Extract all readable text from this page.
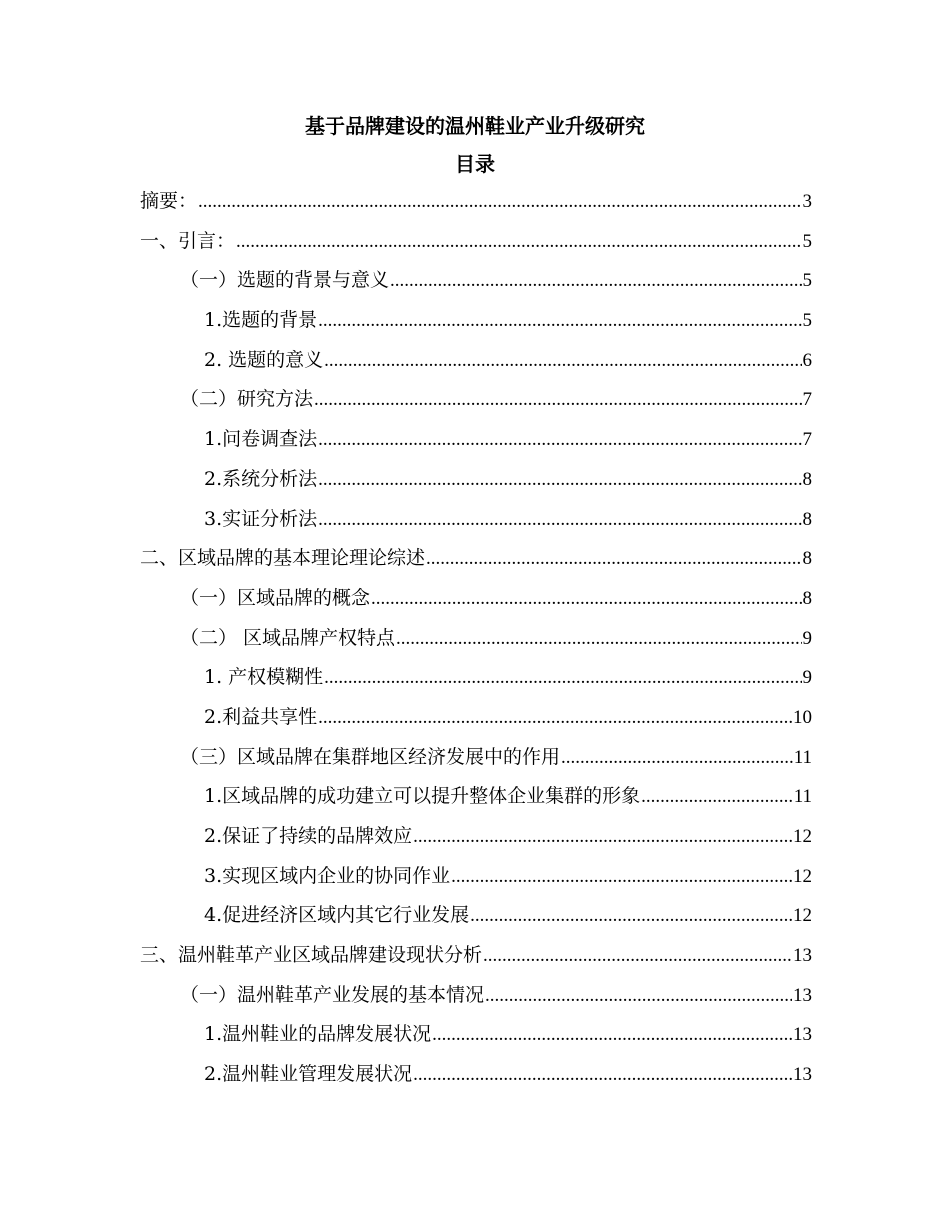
基于品牌建设的温州鞋业产业升级研究
目录
摘要： .....	3
一、引言： .....	5
（一）选题的背景与意义 .....	5
1.选题的背景 .....	5
2. 选题的意义 .....	6
（二）研究方法 .....	7
1.问卷调查法 .....	7
2.系统分析法 .....	8
3.实证分析法 .....	8
二、区域品牌的基本理论理论综述 .....	8
（一）区域品牌的概念 .....	8
（二） 区域品牌产权特点 .....	9
1. 产权模糊性 .....	9
2.利益共享性 .....	10
（三）区域品牌在集群地区经济发展中的作用 .....	11
1.区域品牌的成功建立可以提升整体企业集群的形象 .....	11
2.保证了持续的品牌效应 .....	12
3.实现区域内企业的协同作业 .....	12
4.促进经济区域内其它行业发展 .....	12
三、温州鞋革产业区域品牌建设现状分析 .....	13
（一）温州鞋革产业发展的基本情况 .....	13
1.温州鞋业的品牌发展状况 .....	13
2.温州鞋业管理发展状况 .....	13
